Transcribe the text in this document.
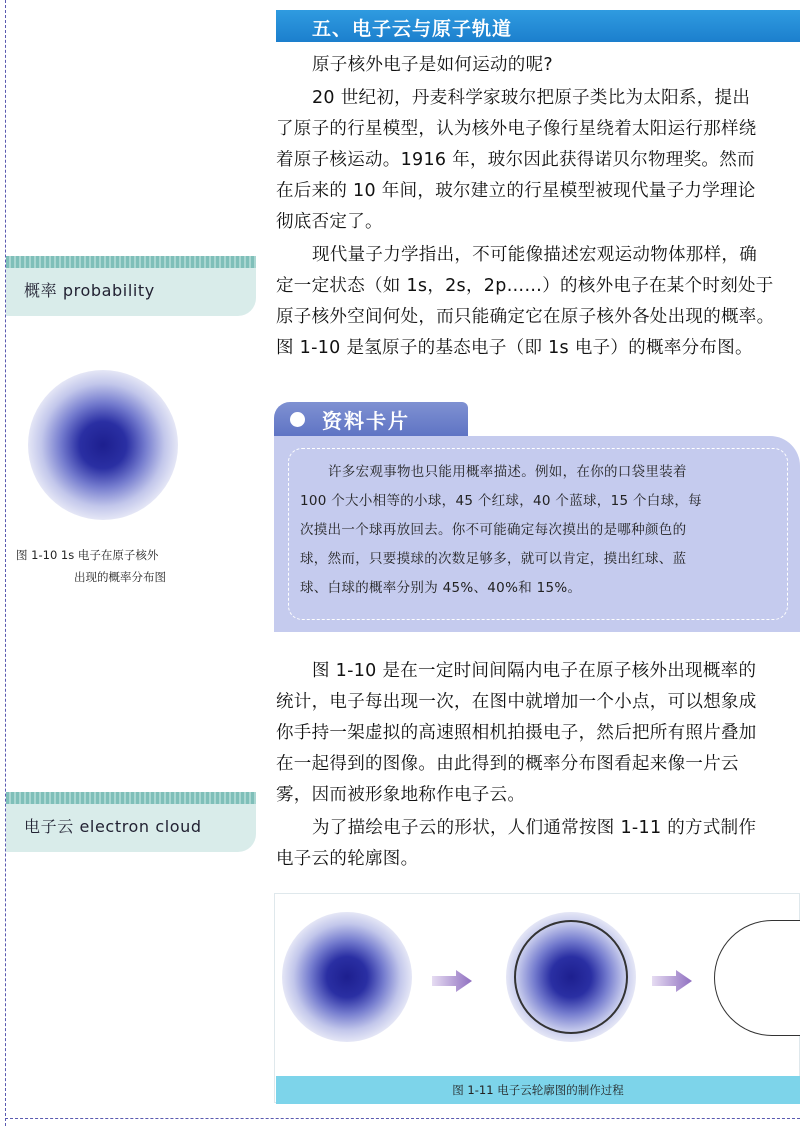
五、电子云与原子轨道
原子核外电子是如何运动的呢?
20 世纪初，丹麦科学家玻尔把原子类比为太阳系，提出
了原子的行星模型，认为核外电子像行星绕着太阳运行那样绕
着原子核运动。1916 年，玻尔因此获得诺贝尔物理奖。然而
在后来的 10 年间，玻尔建立的行星模型被现代量子力学理论
彻底否定了。
现代量子力学指出，不可能像描述宏观运动物体那样，确
定一定状态（如 1s，2s，2p……）的核外电子在某个时刻处于
原子核外空间何处，而只能确定它在原子核外各处出现的概率。
图 1-10 是氢原子的基态电子（即 1s 电子）的概率分布图。
概率 probability
图 1-10 1s 电子在原子核外
出现的概率分布图
资料卡片
许多宏观事物也只能用概率描述。例如，在你的口袋里装着
100 个大小相等的小球，45 个红球，40 个蓝球，15 个白球，每
次摸出一个球再放回去。你不可能确定每次摸出的是哪种颜色的
球，然而，只要摸球的次数足够多，就可以肯定，摸出红球、蓝
球、白球的概率分别为 45%、40%和 15%。
图 1-10 是在一定时间间隔内电子在原子核外出现概率的
统计，电子每出现一次，在图中就增加一个小点，可以想象成
你手持一架虚拟的高速照相机拍摄电子，然后把所有照片叠加
在一起得到的图像。由此得到的概率分布图看起来像一片云
雾，因而被形象地称作电子云。
电子云 electron cloud	为了描绘电子云的形状，人们通常按图 1-11 的方式制作
电子云的轮廓图。
图 1-11 电子云轮廓图的制作过程
